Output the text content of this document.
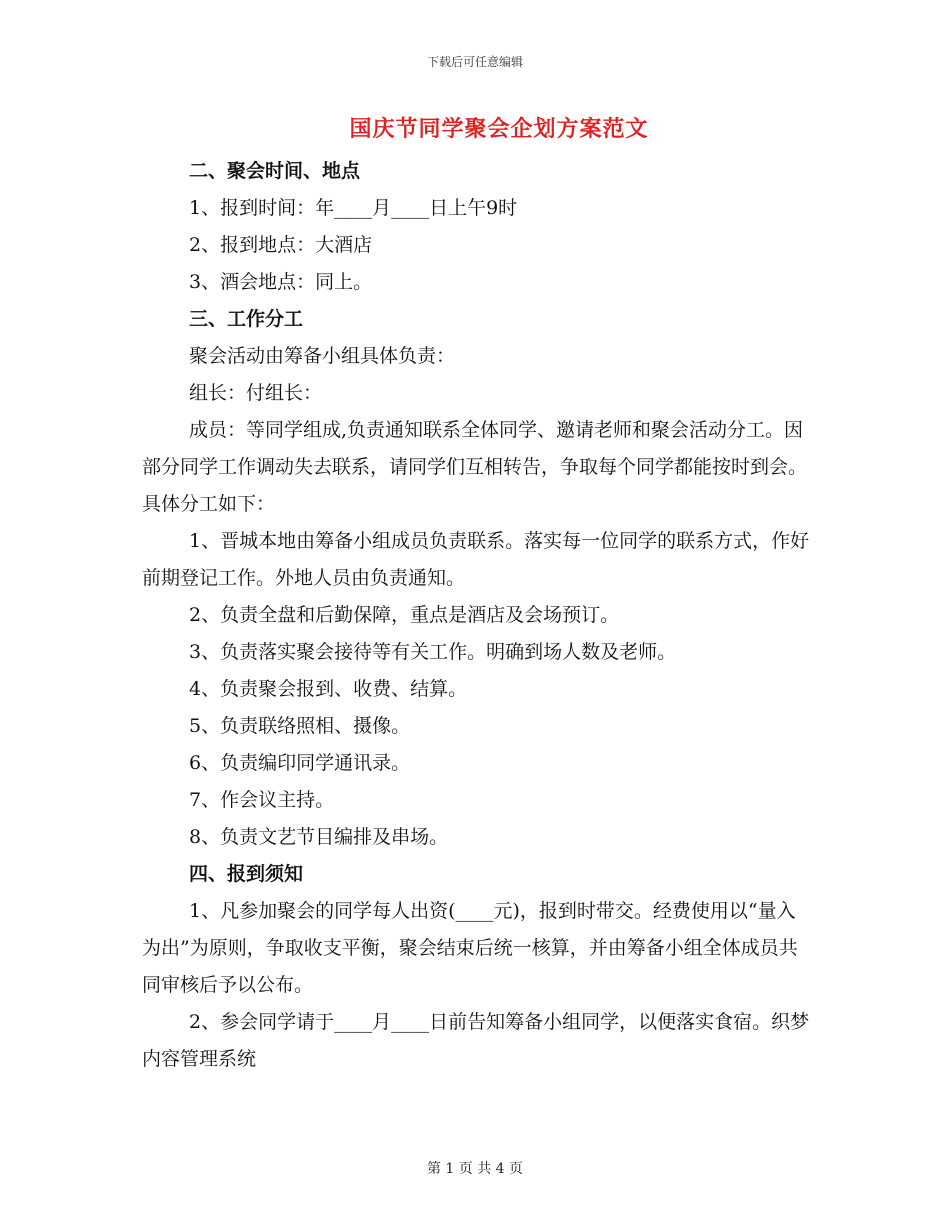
下载后可任意编辑
国庆节同学聚会企划方案范文

二、聚会时间、地点

1、报到时间：年____月____日上午9时

2、报到地点：大酒店

3、酒会地点：同上。

三、工作分工

聚会活动由筹备小组具体负责：

组长：付组长：

成员：等同学组成,负责通知联系全体同学、邀请老师和聚会活动分工。因部分同学工作调动失去联系，请同学们互相转告，争取每个同学都能按时到会。具体分工如下：

1、晋城本地由筹备小组成员负责联系。落实每一位同学的联系方式，作好前期登记工作。外地人员由负责通知。

2、负责全盘和后勤保障，重点是酒店及会场预订。

3、负责落实聚会接待等有关工作。明确到场人数及老师。

4、负责聚会报到、收费、结算。

5、负责联络照相、摄像。

6、负责编印同学通讯录。

7、作会议主持。

8、负责文艺节目编排及串场。

四、报到须知

1、凡参加聚会的同学每人出资(____元)，报到时带交。经费使用以“量入为出”为原则，争取收支平衡，聚会结束后统一核算，并由筹备小组全体成员共同审核后予以公布。

2、参会同学请于____月____日前告知筹备小组同学，以便落实食宿。织梦内容管理系统

第 1 页 共 4 页
